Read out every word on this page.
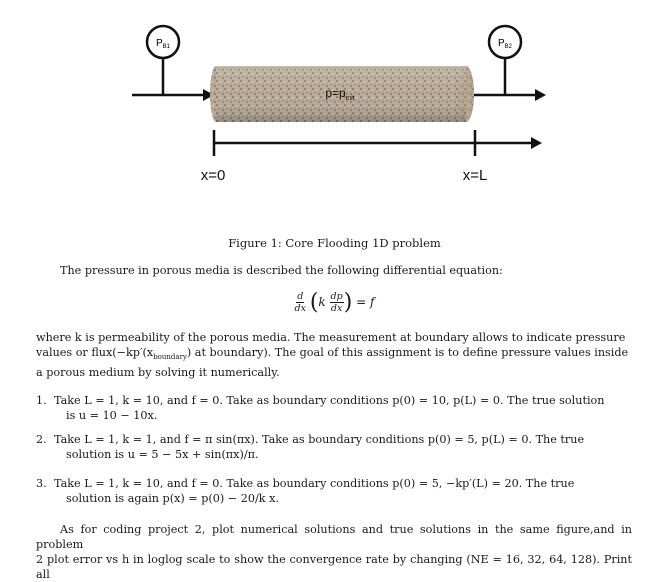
$P_{B1}$
$p=p_{init}$
$P_{B2}$
x=0	x=L
Figure 1: Core Flooding 1D problem
The pressure in porous media is described the following differential equation:
$\frac{d}{dx} (k \frac{dp}{dx}$ ) = f
where k is permeability of the porous media. The measurement at boundary allows to indicate pressure
values or $flux(-kp'(x_{boundary})$ at boundary). The goal of this assignment is to define pressure values inside
a porous medium by solving it numerically.
1. Take L = 1, k = 10, and f = 0. Take as boundary conditions p(0) = 10, p(L) = 0. The true solution
is u = 10 − 10x.
2. Take L = 1, k = 1, and f = π sin(πx). Take as boundary conditions p(0) = 5, p(L) = 0. The true
solution is u = 5 − 5x + sin(πx)/π.
3. Take L = 1, k = 10, and f = 0. Take as boundary conditions p(0) = 5, −kp′(L) = 20. The true
solution is again p(x) = p(0) − 20/k x.
As for coding project 2, plot numerical solutions and true solutions in the same figure,and in problem
2 plot error vs h in loglog scale to show the convergence rate by changing (NE = 16, 32, 64, 128). Print all
